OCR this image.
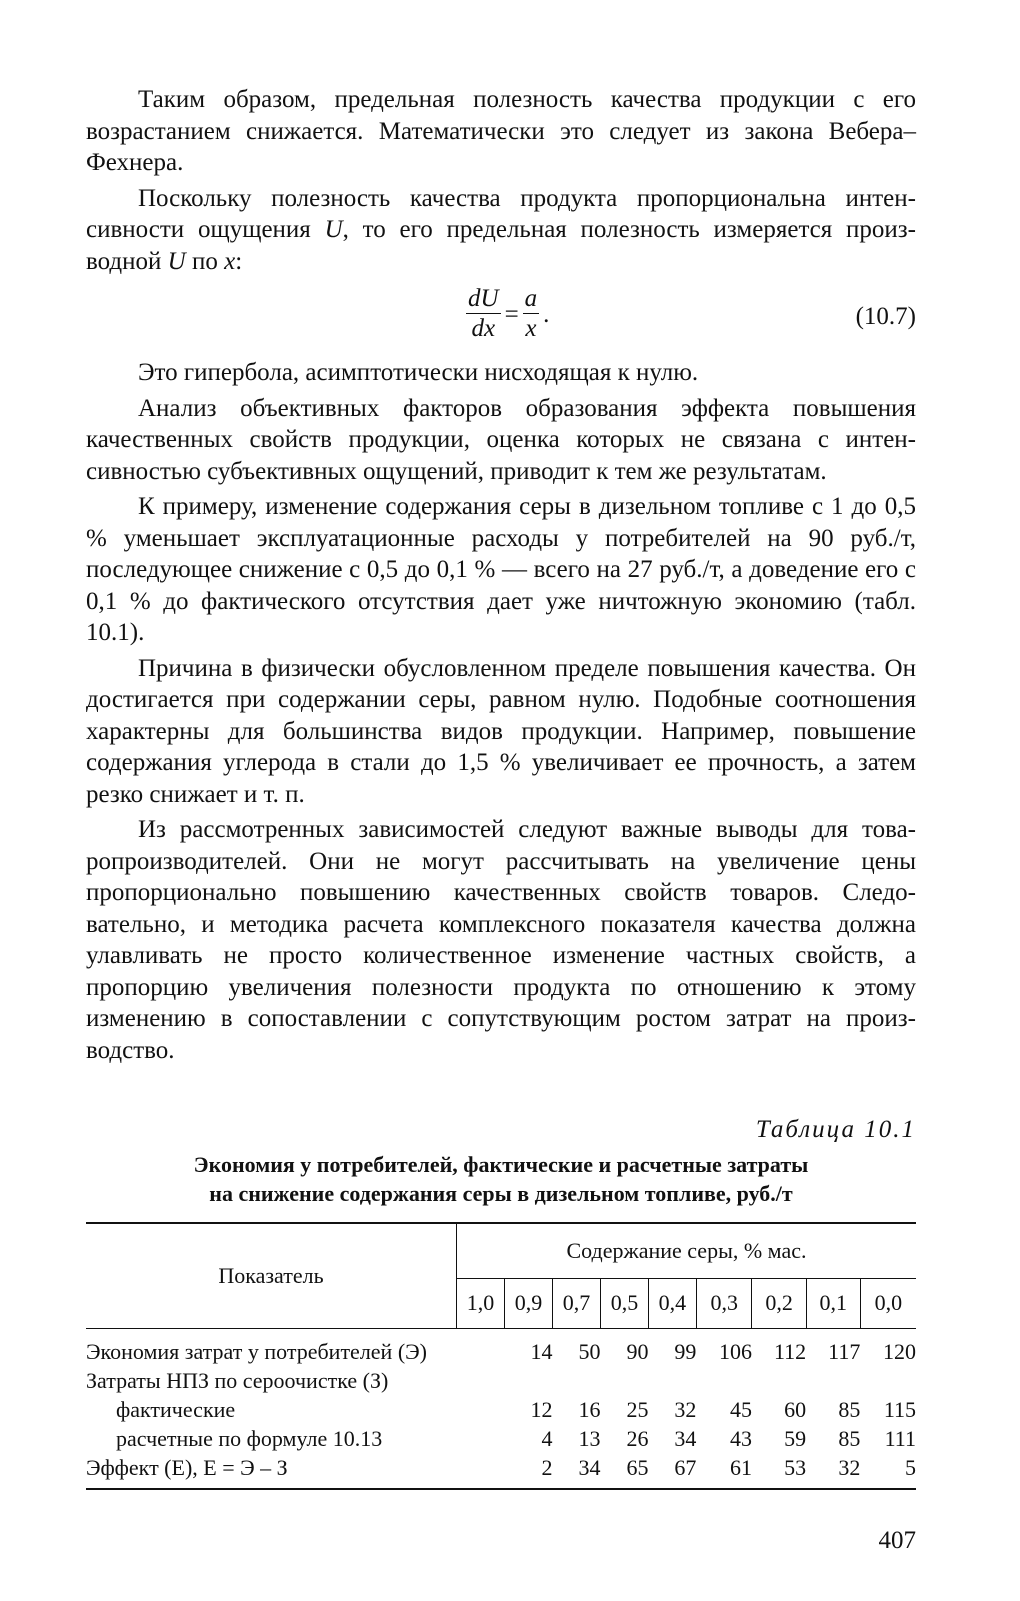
Таким образом, предельная полезность качества продукции с его возрастанием снижается. Математически это следует из закона Вебера–Фехнера.

Поскольку полезность качества продукта пропорциональна интенсивности ощущения U, то его предельная полезность измеряется производной U по x:

$\frac{dU}{dx} = \frac{a}{x}$ .	(10.7)

Это гипербола, асимптотически нисходящая к нулю.

Анализ объективных факторов образования эффекта повышения качественных свойств продукции, оценка которых не связана с интенсивностью субъективных ощущений, приводит к тем же результатам.

К примеру, изменение содержания серы в дизельном топливе с 1 до 0,5 % уменьшает эксплуатационные расходы у потребителей на 90 руб./т, последующее снижение с 0,5 до 0,1 % — всего на 27 руб./т, а доведение его с 0,1 % до фактического отсутствия дает уже ничтожную экономию (табл. 10.1).

Причина в физически обусловленном пределе повышения качества. Он достигается при содержании серы, равном нулю. Подобные соотношения характерны для большинства видов продукции. Например, повышение содержания углерода в стали до 1,5 % увеличивает ее прочность, а затем резко снижает и т. п.

Из рассмотренных зависимостей следуют важные выводы для товаропроизводителей. Они не могут рассчитывать на увеличение цены пропорционально повышению качественных свойств товаров. Следовательно, и методика расчета комплексного показателя качества должна улавливать не просто количественное изменение частных свойств, а пропорцию увеличения полезности продукта по отношению к этому изменению в сопоставлении с сопутствующим ростом затрат на производство.

Таблица 10.1
Экономия у потребителей, фактические и расчетные затраты
на снижение содержания серы в дизельном топливе, руб./т
Показатель	Содержание серы, % мас.								
	1,0	0,9	0,7	0,5	0,4	0,3	0,2	0,1	0,0
Экономия затрат у потребителей (Э)		14	50	90	99	106	112	117	120
Затраты НПЗ по сероочистке (З)									
фактические		12	16	25	32	45	60	85	115
расчетные по формуле 10.13		4	13	26	34	43	59	85	111
Эффект (Е), Е = Э – З		2	34	65	67	61	53	32	5
407
